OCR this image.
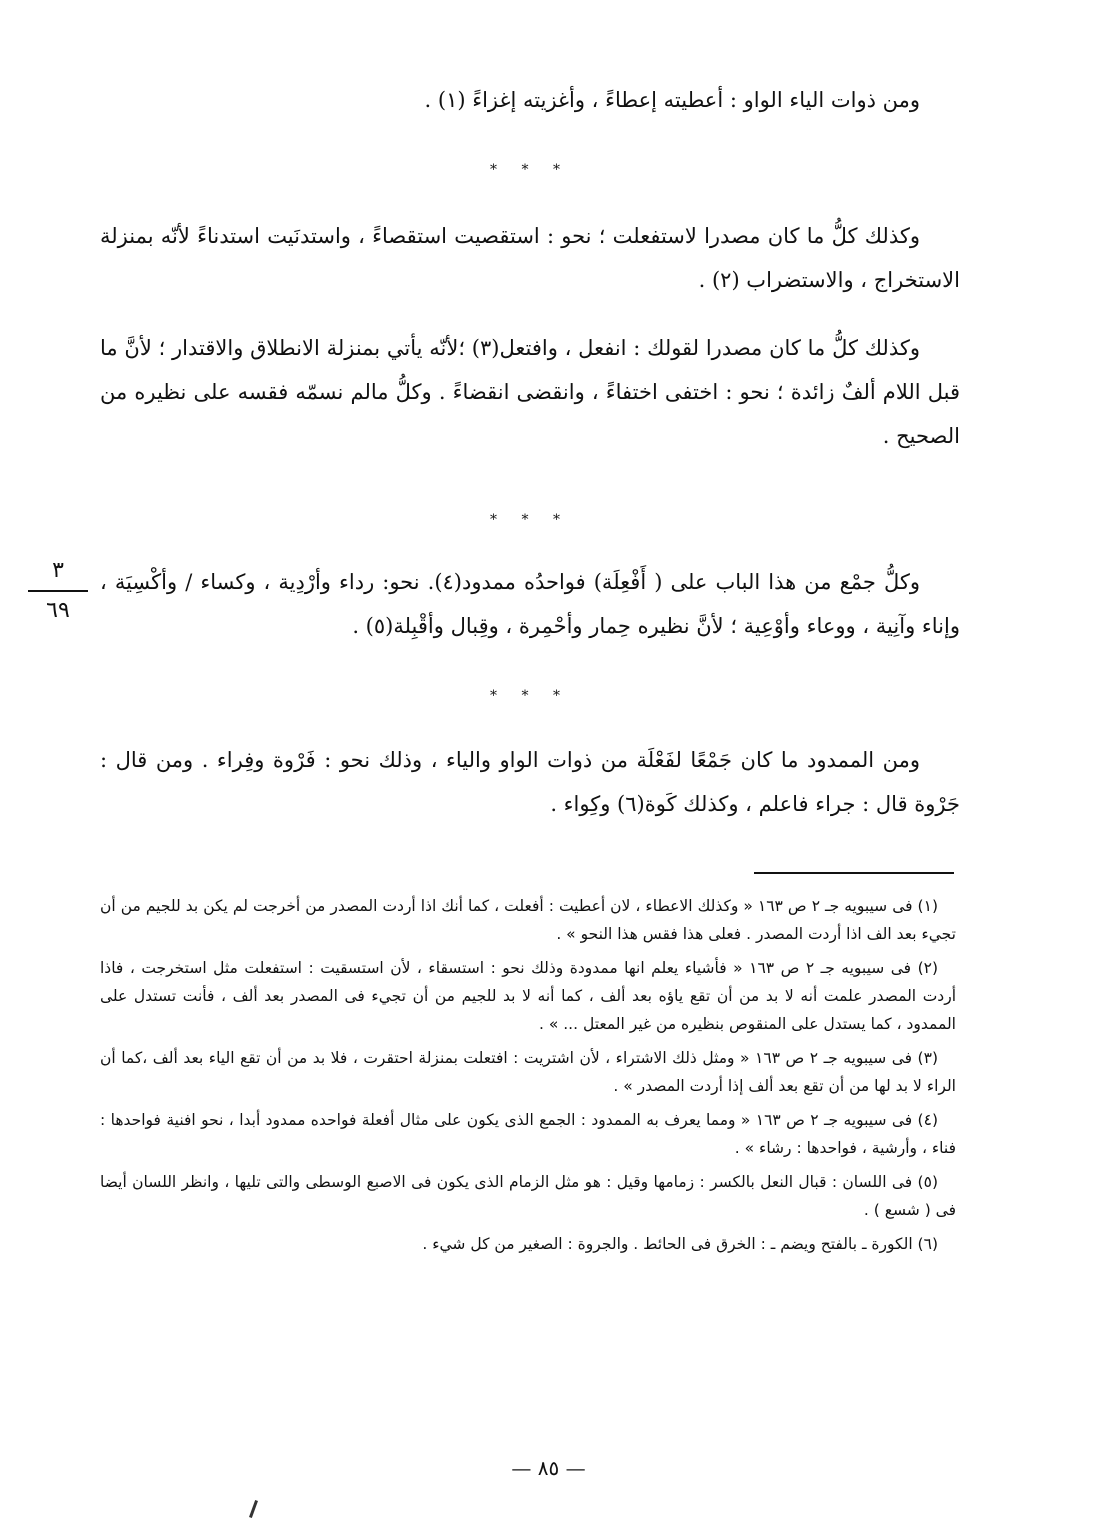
ومن ذوات الياء الواو : أعطيته إعطاءً ، وأغزيته إغزاءً (١) .

* * *

وكذلك كلُّ ما كان مصدرا لاستفعلت ؛ نحو : استقصيت استقصاءً ، واستدنَيت استدناءً لأنّه بمنزلة الاستخراج ، والاستضراب (٢) .

وكذلك كلُّ ما كان مصدرا لقولك : انفعل ، وافتعل(٣) ؛لأنّه يأتي بمنزلة الانطلاق والاقتدار ؛ لأنَّ ما قبل اللام ألفٌ زائدة ؛ نحو : اختفى اختفاءً ، وانقضى انقضاءً . وكلُّ مالم نسمّه فقسه على نظيره من الصحيح .

* * *
٣
٦٩

وكلُّ جمْع من هذا الباب على ( أَفْعِلَة) فواحدُه ممدود(٤). نحو: رداء وأرْدِية ، وكساء / وأكْسِيَة ، وإناء وآنِية ، ووعاء وأوْعِية ؛ لأنَّ نظيره حِمار وأحْمِرة ، وقِبال وأقْبِلة(٥) .

* * *

ومن الممدود ما كان جَمْعًا لفَعْلَة من ذوات الواو والياء ، وذلك نحو : فَرْوة وفِراء . ومن قال : جَرْوة قال : جراء فاعلم ، وكذلك كَوة(٦) وكِواء .

(١) فى سيبويه جـ ٢ ص ١٦٣ « وكذلك الاعطاء ، لان أعطيت : أفعلت ، كما أنك اذا أردت المصدر من أخرجت لم يكن بد للجيم من أن تجيء بعد الف اذا أردت المصدر . فعلى هذا فقس هذا النحو » .

(٢) فى سيبويه جـ ٢ ص ١٦٣ « فأشياء يعلم انها ممدودة وذلك نحو : استسقاء ، لأن استسقيت : استفعلت مثل استخرجت ، فاذا أردت المصدر علمت أنه لا بد من أن تقع ياؤه بعد ألف ، كما أنه لا بد للجيم من أن تجيء فى المصدر بعد ألف ، فأنت تستدل على الممدود ، كما يستدل على المنقوص بنظيره من غير المعتل ... » .

(٣) فى سيبويه جـ ٢ ص ١٦٣ « ومثل ذلك الاشتراء ، لأن اشتريت : افتعلت بمنزلة احتقرت ، فلا بد من أن تقع الياء بعد ألف ،كما أن الراء لا بد لها من أن تقع بعد ألف إذا أردت المصدر » .

(٤) فى سيبويه جـ ٢ ص ١٦٣ « ومما يعرف به الممدود : الجمع الذى يكون على مثال أفعلة فواحده ممدود أبدا ، نحو افنية فواحدها : فناء ، وأرشية ، فواحدها : رشاء » .

(٥) فى اللسان : قبال النعل بالكسر : زمامها وقيل : هو مثل الزمام الذى يكون فى الاصبع الوسطى والتى تليها ، وانظر اللسان أيضا فى ( شسع ) .

(٦) الكورة ـ بالفتح ويضم ـ : الخرق فى الحائط . والجروة : الصغير من كل شيء .

— ٨٥ —
